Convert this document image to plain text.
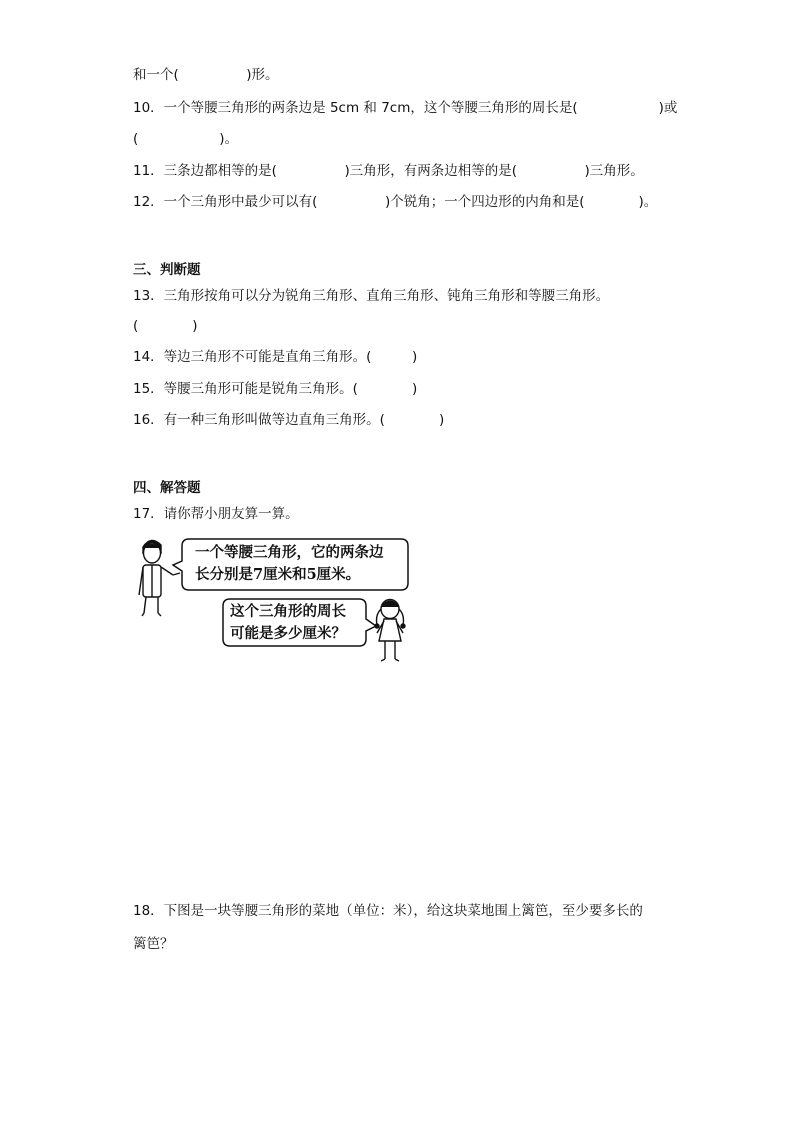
和一个(　　　　　)形。
10．一个等腰三角形的两条边是 5cm 和 7cm，这个等腰三角形的周长是(　　　　　　)或
(　　　　　　)。
11．三条边都相等的是(　　　　　)三角形，有两条边相等的是(　　　　　)三角形。
12．一个三角形中最少可以有(　　　　　)个锐角；一个四边形的内角和是(　　　　)。
三、判断题
13．三角形按角可以分为锐角三角形、直角三角形、钝角三角形和等腰三角形。
(　　　　)
14．等边三角形不可能是直角三角形。(　　　)
15．等腰三角形可能是锐角三角形。(　　　　)
16．有一种三角形叫做等边直角三角形。(　　　　)
四、解答题
17．请你帮小朋友算一算。
一个等腰三角形，它的两条边
长分别是7厘米和5厘米。
这个三角形的周长
可能是多少厘米？
18．下图是一块等腰三角形的菜地（单位：米），给这块菜地围上篱笆，至少要多长的
篱笆？
